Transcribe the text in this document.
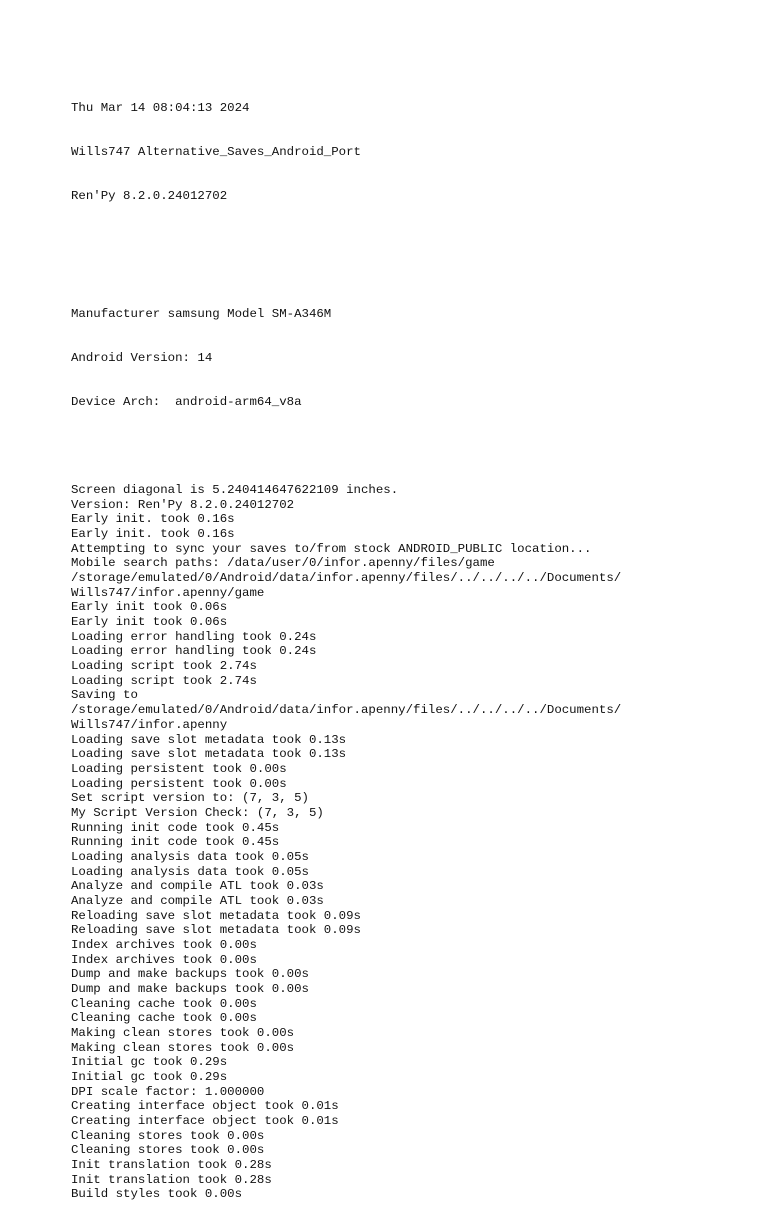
Thu Mar 14 08:04:13 2024

Wills747 Alternative_Saves_Android_Port

Ren'Py 8.2.0.24012702

Manufacturer samsung Model SM-A346M

Android Version: 14

Device Arch:  android-arm64_v8a

Screen diagonal is 5.240414647622109 inches.
Version: Ren'Py 8.2.0.24012702
Early init. took 0.16s
Early init. took 0.16s
Attempting to sync your saves to/from stock ANDROID_PUBLIC location...
Mobile search paths: /data/user/0/infor.apenny/files/game
/storage/emulated/0/Android/data/infor.apenny/files/../../../../Documents/
Wills747/infor.apenny/game
Early init took 0.06s
Early init took 0.06s
Loading error handling took 0.24s
Loading error handling took 0.24s
Loading script took 2.74s
Loading script took 2.74s
Saving to
/storage/emulated/0/Android/data/infor.apenny/files/../../../../Documents/
Wills747/infor.apenny
Loading save slot metadata took 0.13s
Loading save slot metadata took 0.13s
Loading persistent took 0.00s
Loading persistent took 0.00s
Set script version to: (7, 3, 5)
My Script Version Check: (7, 3, 5)
Running init code took 0.45s
Running init code took 0.45s
Loading analysis data took 0.05s
Loading analysis data took 0.05s
Analyze and compile ATL took 0.03s
Analyze and compile ATL took 0.03s
Reloading save slot metadata took 0.09s
Reloading save slot metadata took 0.09s
Index archives took 0.00s
Index archives took 0.00s
Dump and make backups took 0.00s
Dump and make backups took 0.00s
Cleaning cache took 0.00s
Cleaning cache took 0.00s
Making clean stores took 0.00s
Making clean stores took 0.00s
Initial gc took 0.29s
Initial gc took 0.29s
DPI scale factor: 1.000000
Creating interface object took 0.01s
Creating interface object took 0.01s
Cleaning stores took 0.00s
Cleaning stores took 0.00s
Init translation took 0.28s
Init translation took 0.28s
Build styles took 0.00s
